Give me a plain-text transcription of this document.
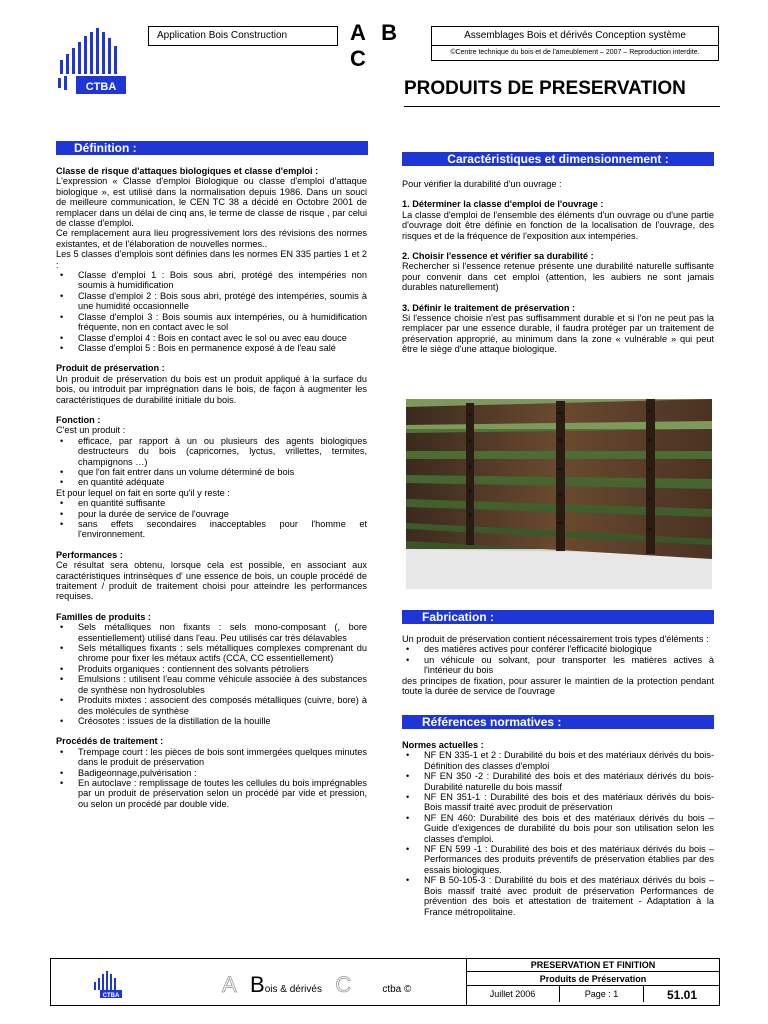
CTBA
Application Bois Construction	A B C
Assemblages Bois et dérivés Conception système
©Centre technique du bois et de l'ameublement – 2007 – Reproduction interdite.
PRODUITS DE PRESERVATION
Définition :
Classe de risque d'attaques biologiques et classe d'emploi :

L'expression « Classe d'emploi Biologique ou classe d'emploi d'attaque biologique », est utilisé dans la normalisation depuis 1986. Dans un souci de meilleure communication, le CEN TC 38 a décidé en Octobre 2001 de remplacer dans un délai de cinq ans, le terme de classe de risque , par celui de classe d'emploi.

Ce remplacement aura lieu progressivement lors des révisions des normes existantes, et de l'élaboration de nouvelles normes..

Les 5 classes d'emplois sont définies dans les normes EN 335 parties 1 et 2 :

• Classe d'emploi 1 : Bois sous abri, protégé des intempéries non soumis à humidification
• Classe d'emploi 2 : Bois sous abri, protégé des intempéries, soumis à une humidité occasionnelle
• Classe d'emploi 3 : Bois soumis aux intempéries, ou à humidification fréquente, non en contact avec le sol
• Classe d'emploi 4 : Bois en contact avec le sol ou avec eau douce
• Classe d'emploi 5 : Bois en permanence exposé à de l'eau salé
Produit de préservation :

Un produit de préservation du bois est un produit appliqué à la surface du bois, ou introduit par imprégnation dans le bois, de façon à augmenter les caractéristiques de durabilité initiale du bois.

Fonction :

C'est un produit :

• efficace, par rapport à un ou plusieurs des agents biologiques destructeurs du bois (capricornes, lyctus, vrillettes, termites, champignons …)
• que l'on fait entrer dans un volume déterminé de bois
• en quantité adéquate

Et pour lequel on fait en sorte qu'il y reste :

• en quantité suffisante
• pour la durée de service de l'ouvrage
• sans effets secondaires inacceptables pour l'homme et l'environnement.
Performances :

Ce résultat sera obtenu, lorsque cela est possible, en associant aux caractéristiques intrinsèques d' une essence de bois, un couple procédé de traitement / produit de traitement choisi pour atteindre les performances requises.

Familles de produits :
• Sels métalliques non fixants : sels mono-composant (, bore essentiellement) utilisé dans l'eau. Peu utilisés car très délavables
• Sels métalliques fixants : sels métalliques complexes comprenant du chrome pour fixer les métaux actifs (CCA, CC essentiellement)
• Produits organiques : contiennent des solvants pétroliers
• Emulsions : utilisent l'eau comme véhicule associée à des substances de synthèse non hydrosolubles
• Produits mixtes : associent des composés métalliques (cuivre, bore) à des molécules de synthèse
• Créosotes : issues de la distillation de la houille
Procédés de traitement :
• Trempage court : les pièces de bois sont immergées quelques minutes dans le produit de préservation
• Badigeonnage,pulvérisation :
• En autoclave : remplissage de toutes les cellules du bois imprégnables par un produit de préservation selon un procédé par vide et pression, ou selon un procédé par double vide.
Caractéristiques et dimensionnement :

Pour vérifier la durabilité d'un ouvrage :

1. Déterminer la classe d'emploi de l'ouvrage :

La classe d'emploi de l'ensemble des éléments d'un ouvrage ou d'une partie d'ouvrage doit être définie en fonction de la localisation de l'ouvrage, des risques et de la fréquence de l'exposition aux intempéries.

2. Choisir l'essence et vérifier sa durabilité :

Rechercher si l'essence retenue présente une durabilité naturelle suffisante pour convenir dans cet emploi (attention, les aubiers ne sont jamais durables naturellement)

3. Définir le traitement de préservation :

Si l'essence choisie n'est pas suffisamment durable et si l'on ne peut pas la remplacer par une essence durable, il faudra protéger par un traitement de préservation approprié, au minimum dans la zone « vulnérable » qui peut être le siège d'une attaque biologique.

Fabrication :

Un produit de préservation contient nécessairement trois types d'éléments :

• des matières actives pour conférer l'efficacité biologique
• un véhicule ou solvant, pour transporter les matières actives à l'intérieur du bois

des principes de fixation, pour assurer le maintien de la protection pendant toute la durée de service de l'ouvrage

Références normatives :
Normes actuelles :
• NF EN 335-1 et 2 : Durabilité du bois et des matériaux dérivés du bois- Définition des classes d'emploi
• NF EN 350 -2 : Durabilité des bois et des matériaux dérivés du bois- Durabilité naturelle du bois massif
• NF EN 351-1 : Durabilité des bois et des matériaux dérivés du bois- Bois massif traité avec produit de préservation
• NF EN 460: Durabilité des bois et des matériaux dérivés du bois – Guide d'exigences de durabilité du bois pour son utilisation selon les classes d'emploi.
• NF EN 599 -1 : Durabilité des bois et des matériaux dérivés du bois – Performances des produits préventifs de préservation établies par des essais biologiques.
• NF B 50-105-3 : Durabilité du bois et des matériaux dérivés du bois – Bois massif traité avec produit de préservation Performances de prévention des bois et attestation de traitement - Adaptation à la France métropolitaine.
CTBA	A Bois & dérivés C	ctba ©
PRESERVATION ET FINITION
Produits de Préservation
Juillet 2006	Page : 1	51.01
